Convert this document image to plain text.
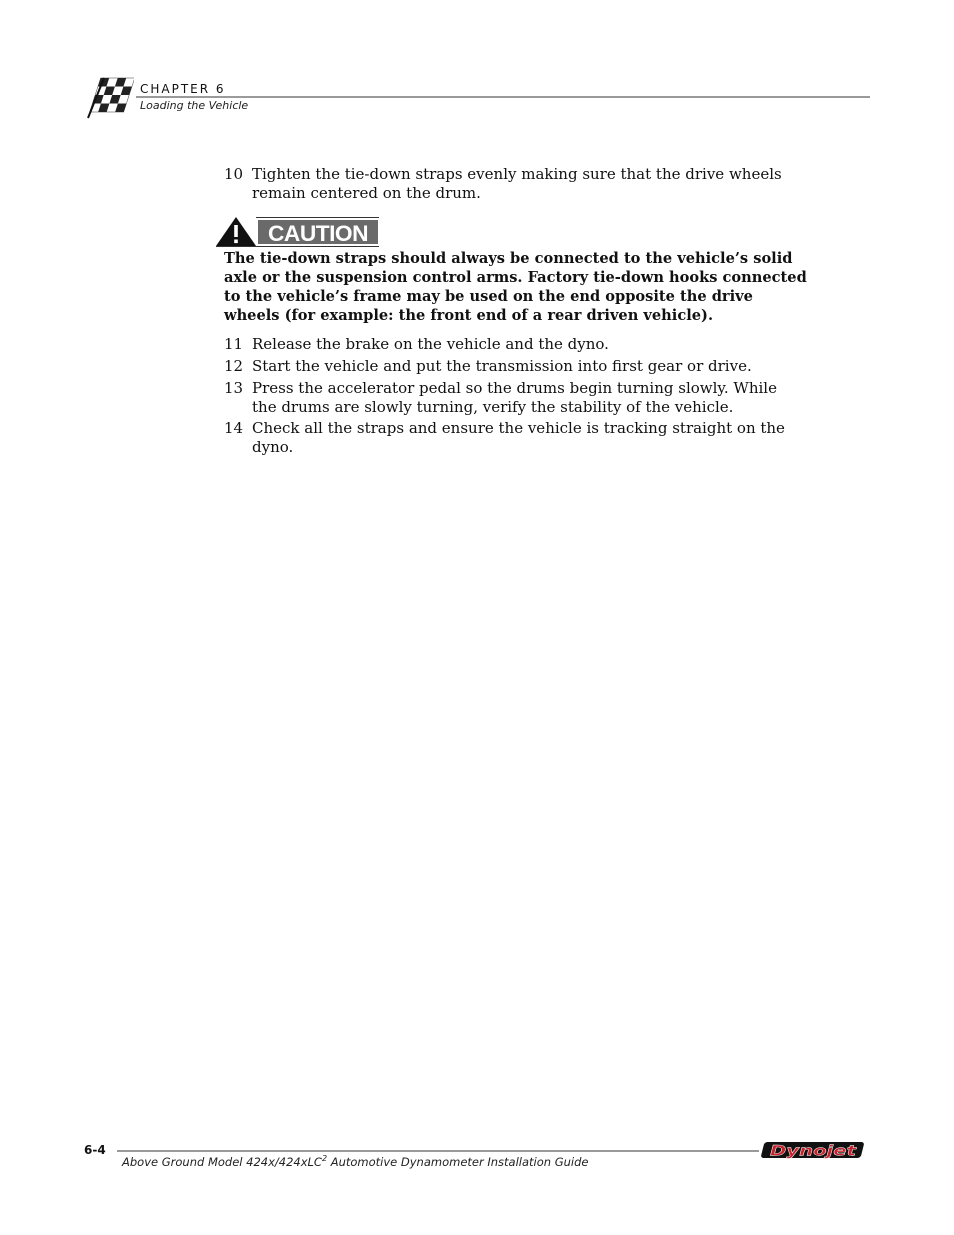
CHAPTER 6
Loading the Vehicle
10 Tighten the tie-down straps evenly making sure that the drive wheels remain centered on the drum.
CAUTION
The tie-down straps should always be connected to the vehicle’s solid axle or the suspension control arms. Factory tie-down hooks connected to the vehicle’s frame may be used on the end opposite the drive wheels (for example: the front end of a rear driven vehicle).
11 Release the brake on the vehicle and the dyno.
12 Start the vehicle and put the transmission into first gear or drive.
13 Press the accelerator pedal so the drums begin turning slowly. While the drums are slowly turning, verify the stability of the vehicle.
14 Check all the straps and ensure the vehicle is tracking straight on the dyno.
6-4
Above Ground Model 424x/424xLC$^2$ Automotive Dynamometer Installation Guide
Dynojet
